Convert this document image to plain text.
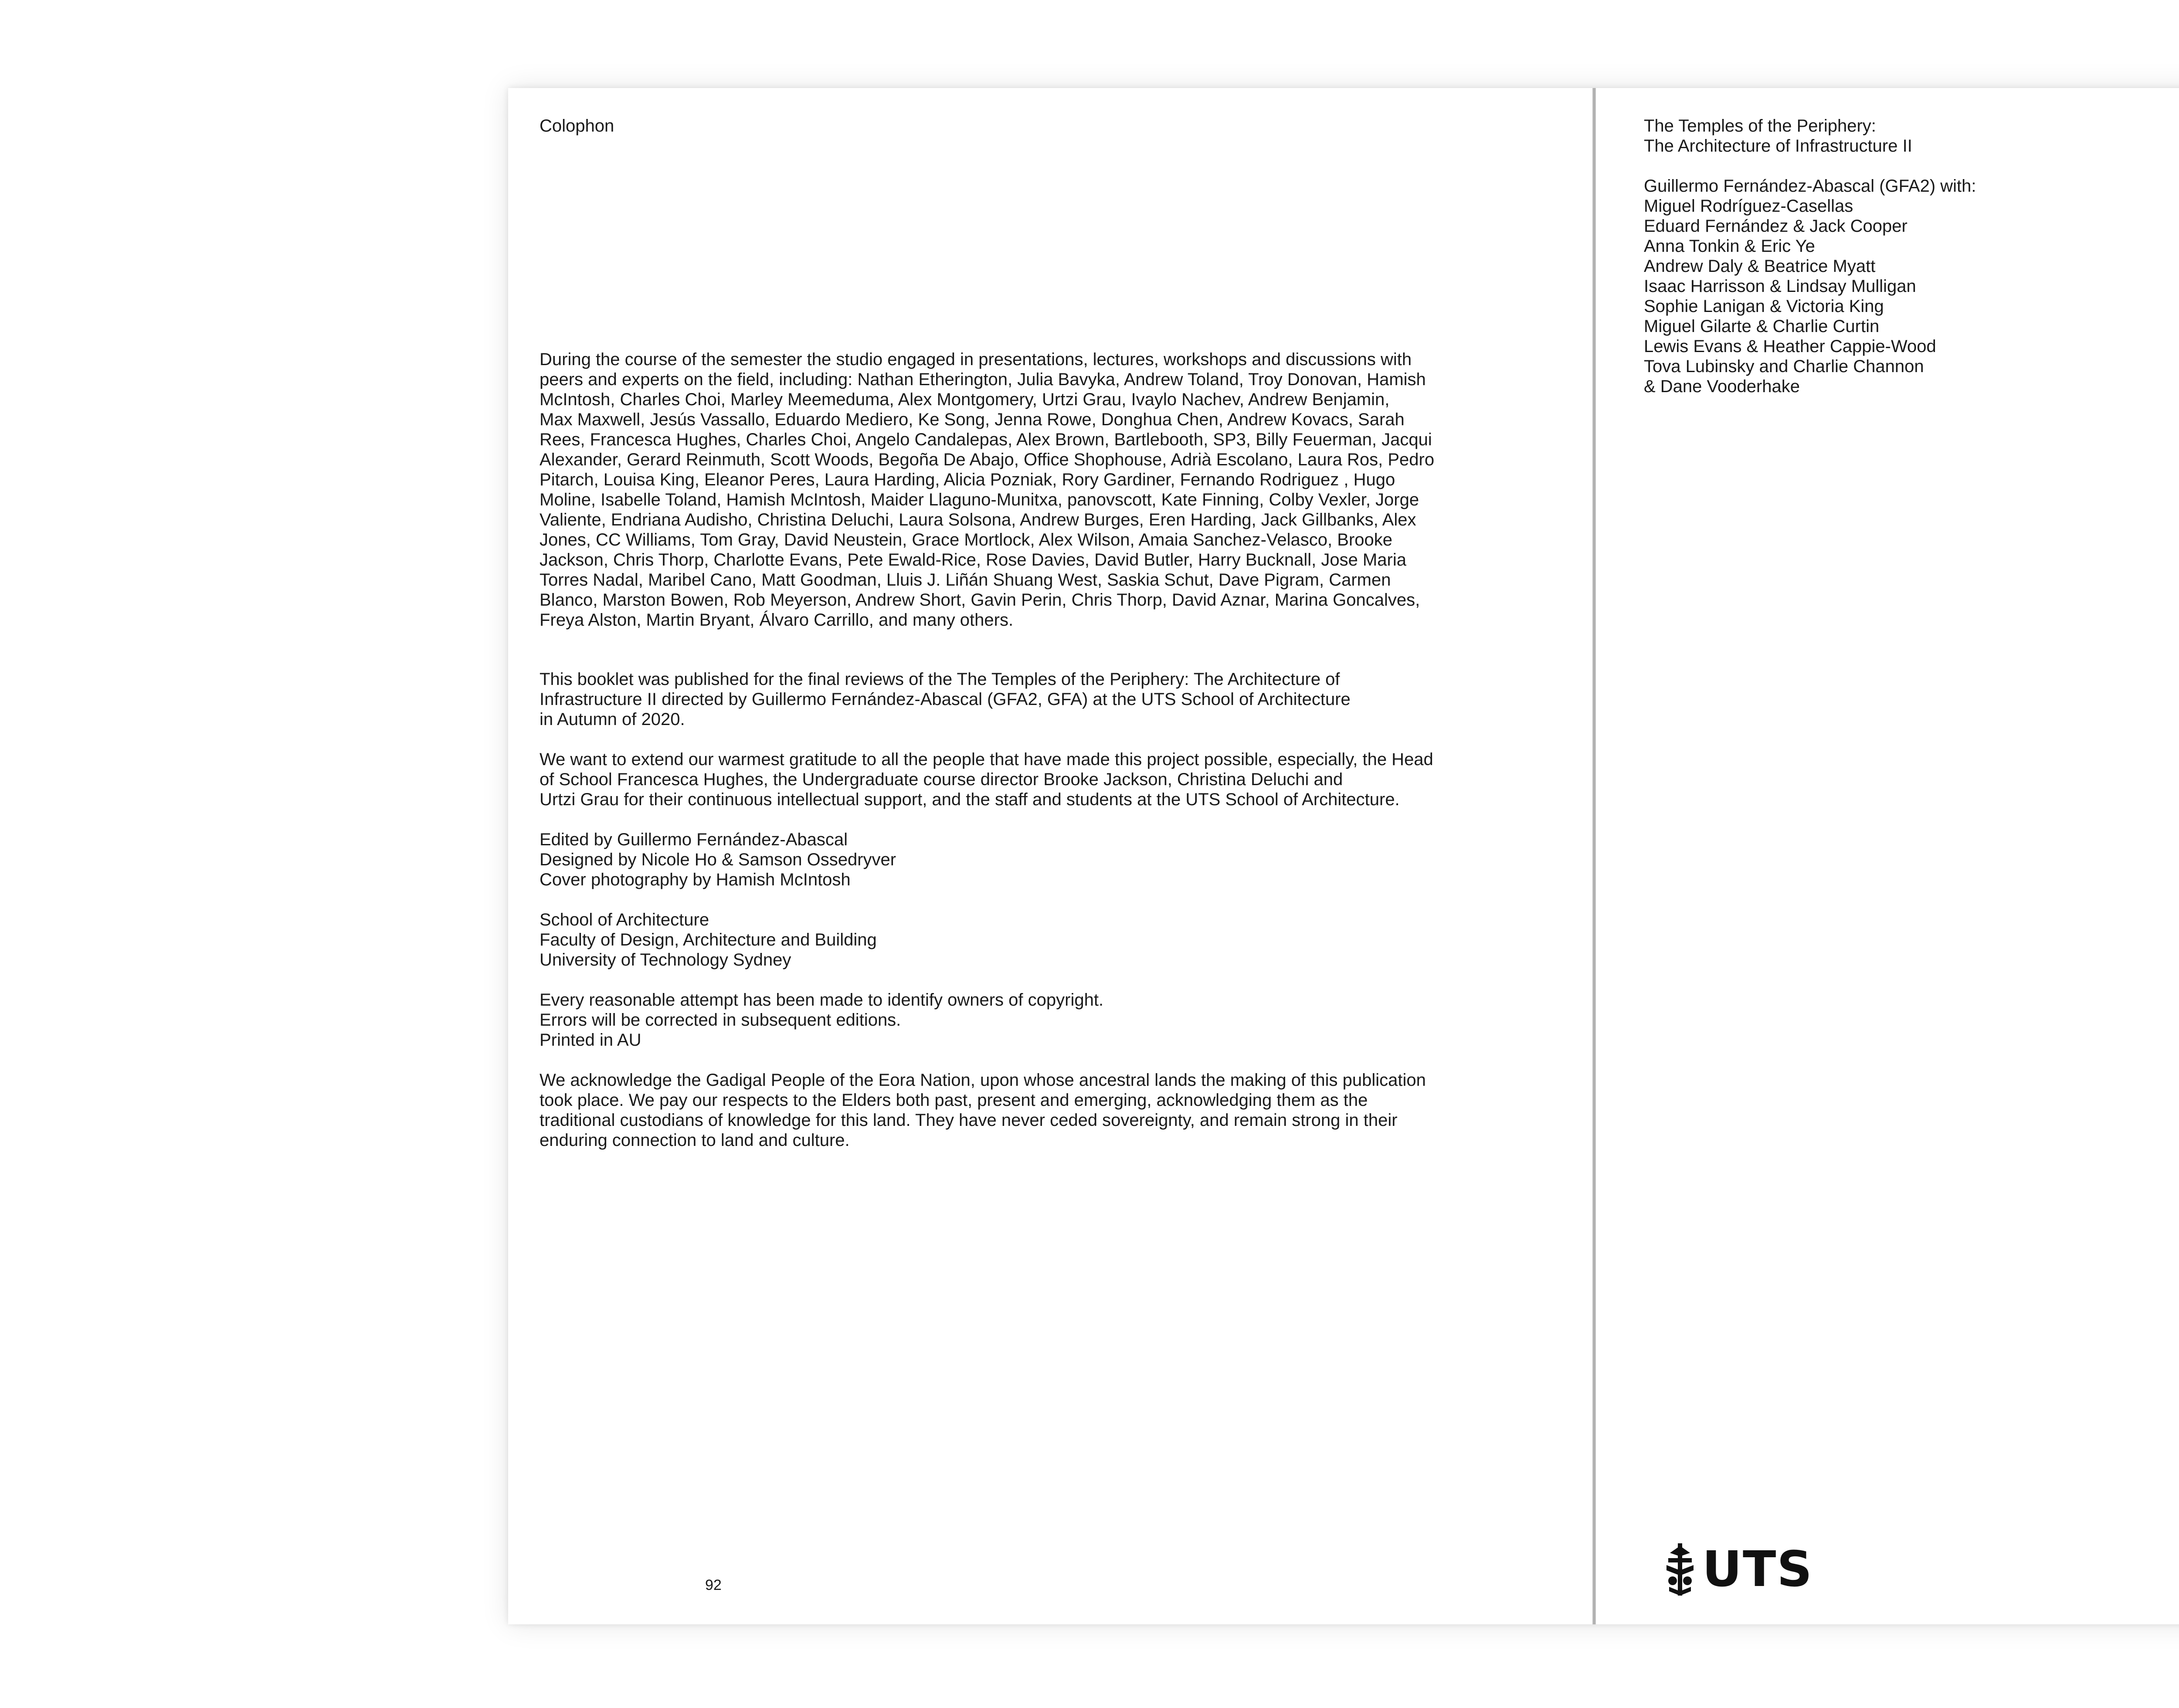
Colophon

During the course of the semester the studio engaged in presentations, lectures, workshops and discussions with
peers and experts on the field, including: Nathan Etherington, Julia Bavyka, Andrew Toland, Troy Donovan, Hamish
McIntosh, Charles Choi, Marley Meemeduma, Alex Montgomery, Urtzi Grau, Ivaylo Nachev, Andrew Benjamin,
Max Maxwell, Jesús Vassallo, Eduardo Mediero, Ke Song, Jenna Rowe, Donghua Chen, Andrew Kovacs, Sarah
Rees, Francesca Hughes, Charles Choi, Angelo Candalepas, Alex Brown, Bartlebooth, SP3, Billy Feuerman, Jacqui
Alexander, Gerard Reinmuth, Scott Woods, Begoña De Abajo, Office Shophouse, Adrià Escolano, Laura Ros, Pedro
Pitarch, Louisa King, Eleanor Peres, Laura Harding, Alicia Pozniak, Rory Gardiner, Fernando Rodriguez , Hugo
Moline, Isabelle Toland, Hamish McIntosh, Maider Llaguno-Munitxa, panovscott, Kate Finning, Colby Vexler, Jorge
Valiente, Endriana Audisho, Christina Deluchi, Laura Solsona, Andrew Burges, Eren Harding, Jack Gillbanks, Alex
Jones, CC Williams, Tom Gray, David Neustein, Grace Mortlock, Alex Wilson, Amaia Sanchez-Velasco, Brooke
Jackson, Chris Thorp, Charlotte Evans, Pete Ewald-Rice, Rose Davies, David Butler, Harry Bucknall, Jose Maria
Torres Nadal, Maribel Cano, Matt Goodman, Lluis J. Liñán Shuang West, Saskia Schut, Dave Pigram, Carmen
Blanco, Marston Bowen, Rob Meyerson, Andrew Short, Gavin Perin, Chris Thorp, David Aznar, Marina Goncalves,
Freya Alston, Martin Bryant, Álvaro Carrillo, and many others.

This booklet was published for the final reviews of the The Temples of the Periphery: The Architecture of
Infrastructure II directed by Guillermo Fernández-Abascal (GFA2, GFA) at the UTS School of Architecture
in Autumn of 2020.

We want to extend our warmest gratitude to all the people that have made this project possible, especially, the Head
of School Francesca Hughes, the Undergraduate course director Brooke Jackson, Christina Deluchi and
Urtzi Grau for their continuous intellectual support, and the staff and students at the UTS School of Architecture.

Edited by Guillermo Fernández-Abascal
Designed by Nicole Ho & Samson Ossedryver
Cover photography by Hamish McIntosh

School of Architecture
Faculty of Design, Architecture and Building
University of Technology Sydney

Every reasonable attempt has been made to identify owners of copyright.
Errors will be corrected in subsequent editions.
Printed in AU

We acknowledge the Gadigal People of the Eora Nation, upon whose ancestral lands the making of this publication
took place. We pay our respects to the Elders both past, present and emerging, acknowledging them as the
traditional custodians of knowledge for this land. They have never ceded sovereignty, and remain strong in their
enduring connection to land and culture.

92

The Temples of the Periphery:
The Architecture of Infrastructure II

Guillermo Fernández-Abascal (GFA2) with:

Miguel Rodríguez-Casellas
Eduard Fernández & Jack Cooper
Anna Tonkin & Eric Ye
Andrew Daly & Beatrice Myatt
Isaac Harrisson & Lindsay Mulligan
Sophie Lanigan & Victoria King
Miguel Gilarte & Charlie Curtin
Lewis Evans & Heather Cappie-Wood
Tova Lubinsky and Charlie Channon
& Dane Vooderhake

UTS
